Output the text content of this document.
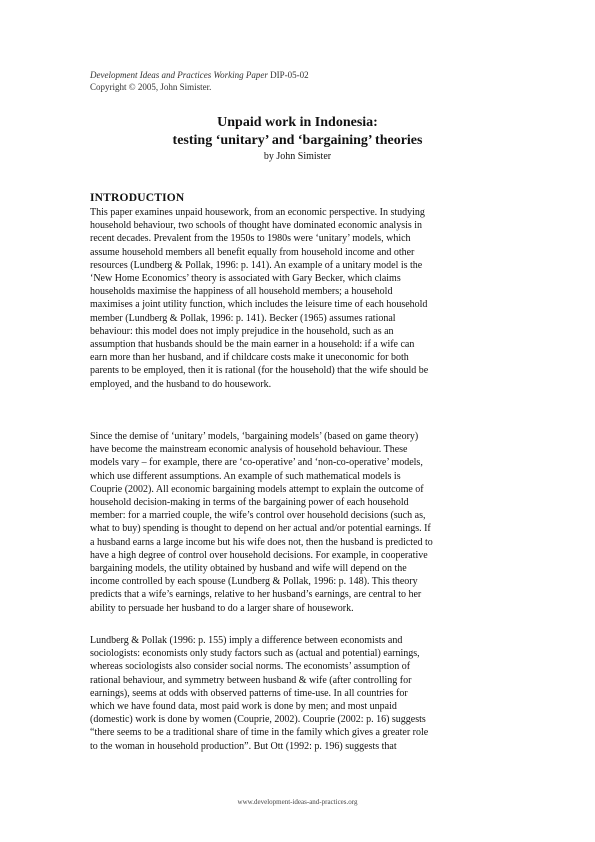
Development Ideas and Practices Working Paper DIP-05-02
Copyright © 2005, John Simister.
Unpaid work in Indonesia:
testing ‘unitary’ and ‘bargaining’ theories
by John Simister
INTRODUCTION
This paper examines unpaid housework, from an economic perspective. In studying
household behaviour, two schools of thought have dominated economic analysis in
recent decades. Prevalent from the 1950s to 1980s were ‘unitary’ models, which
assume household members all benefit equally from household income and other
resources (Lundberg & Pollak, 1996: p. 141). An example of a unitary model is the
‘New Home Economics’ theory is associated with Gary Becker, which claims
households maximise the happiness of all household members; a household
maximises a joint utility function, which includes the leisure time of each household
member (Lundberg & Pollak, 1996: p. 141). Becker (1965) assumes rational
behaviour: this model does not imply prejudice in the household, such as an
assumption that husbands should be the main earner in a household: if a wife can
earn more than her husband, and if childcare costs make it uneconomic for both
parents to be employed, then it is rational (for the household) that the wife should be
employed, and the husband to do housework.
Since the demise of ‘unitary’ models, ‘bargaining models’ (based on game theory)
have become the mainstream economic analysis of household behaviour. These
models vary – for example, there are ‘co-operative’ and ‘non-co-operative’ models,
which use different assumptions. An example of such mathematical models is
Couprie (2002). All economic bargaining models attempt to explain the outcome of
household decision-making in terms of the bargaining power of each household
member: for a married couple, the wife’s control over household decisions (such as,
what to buy) spending is thought to depend on her actual and/or potential earnings. If
a husband earns a large income but his wife does not, then the husband is predicted to
have a high degree of control over household decisions. For example, in cooperative
bargaining models, the utility obtained by husband and wife will depend on the
income controlled by each spouse (Lundberg & Pollak, 1996: p. 148). This theory
predicts that a wife’s earnings, relative to her husband’s earnings, are central to her
ability to persuade her husband to do a larger share of housework.
Lundberg & Pollak (1996: p. 155) imply a difference between economists and
sociologists: economists only study factors such as (actual and potential) earnings,
whereas sociologists also consider social norms. The economists’ assumption of
rational behaviour, and symmetry between husband & wife (after controlling for
earnings), seems at odds with observed patterns of time-use. In all countries for
which we have found data, most paid work is done by men; and most unpaid
(domestic) work is done by women (Couprie, 2002). Couprie (2002: p. 16) suggests
“there seems to be a traditional share of time in the family which gives a greater role
to the woman in household production”. But Ott (1992: p. 196) suggests that
www.development-ideas-and-practices.org
